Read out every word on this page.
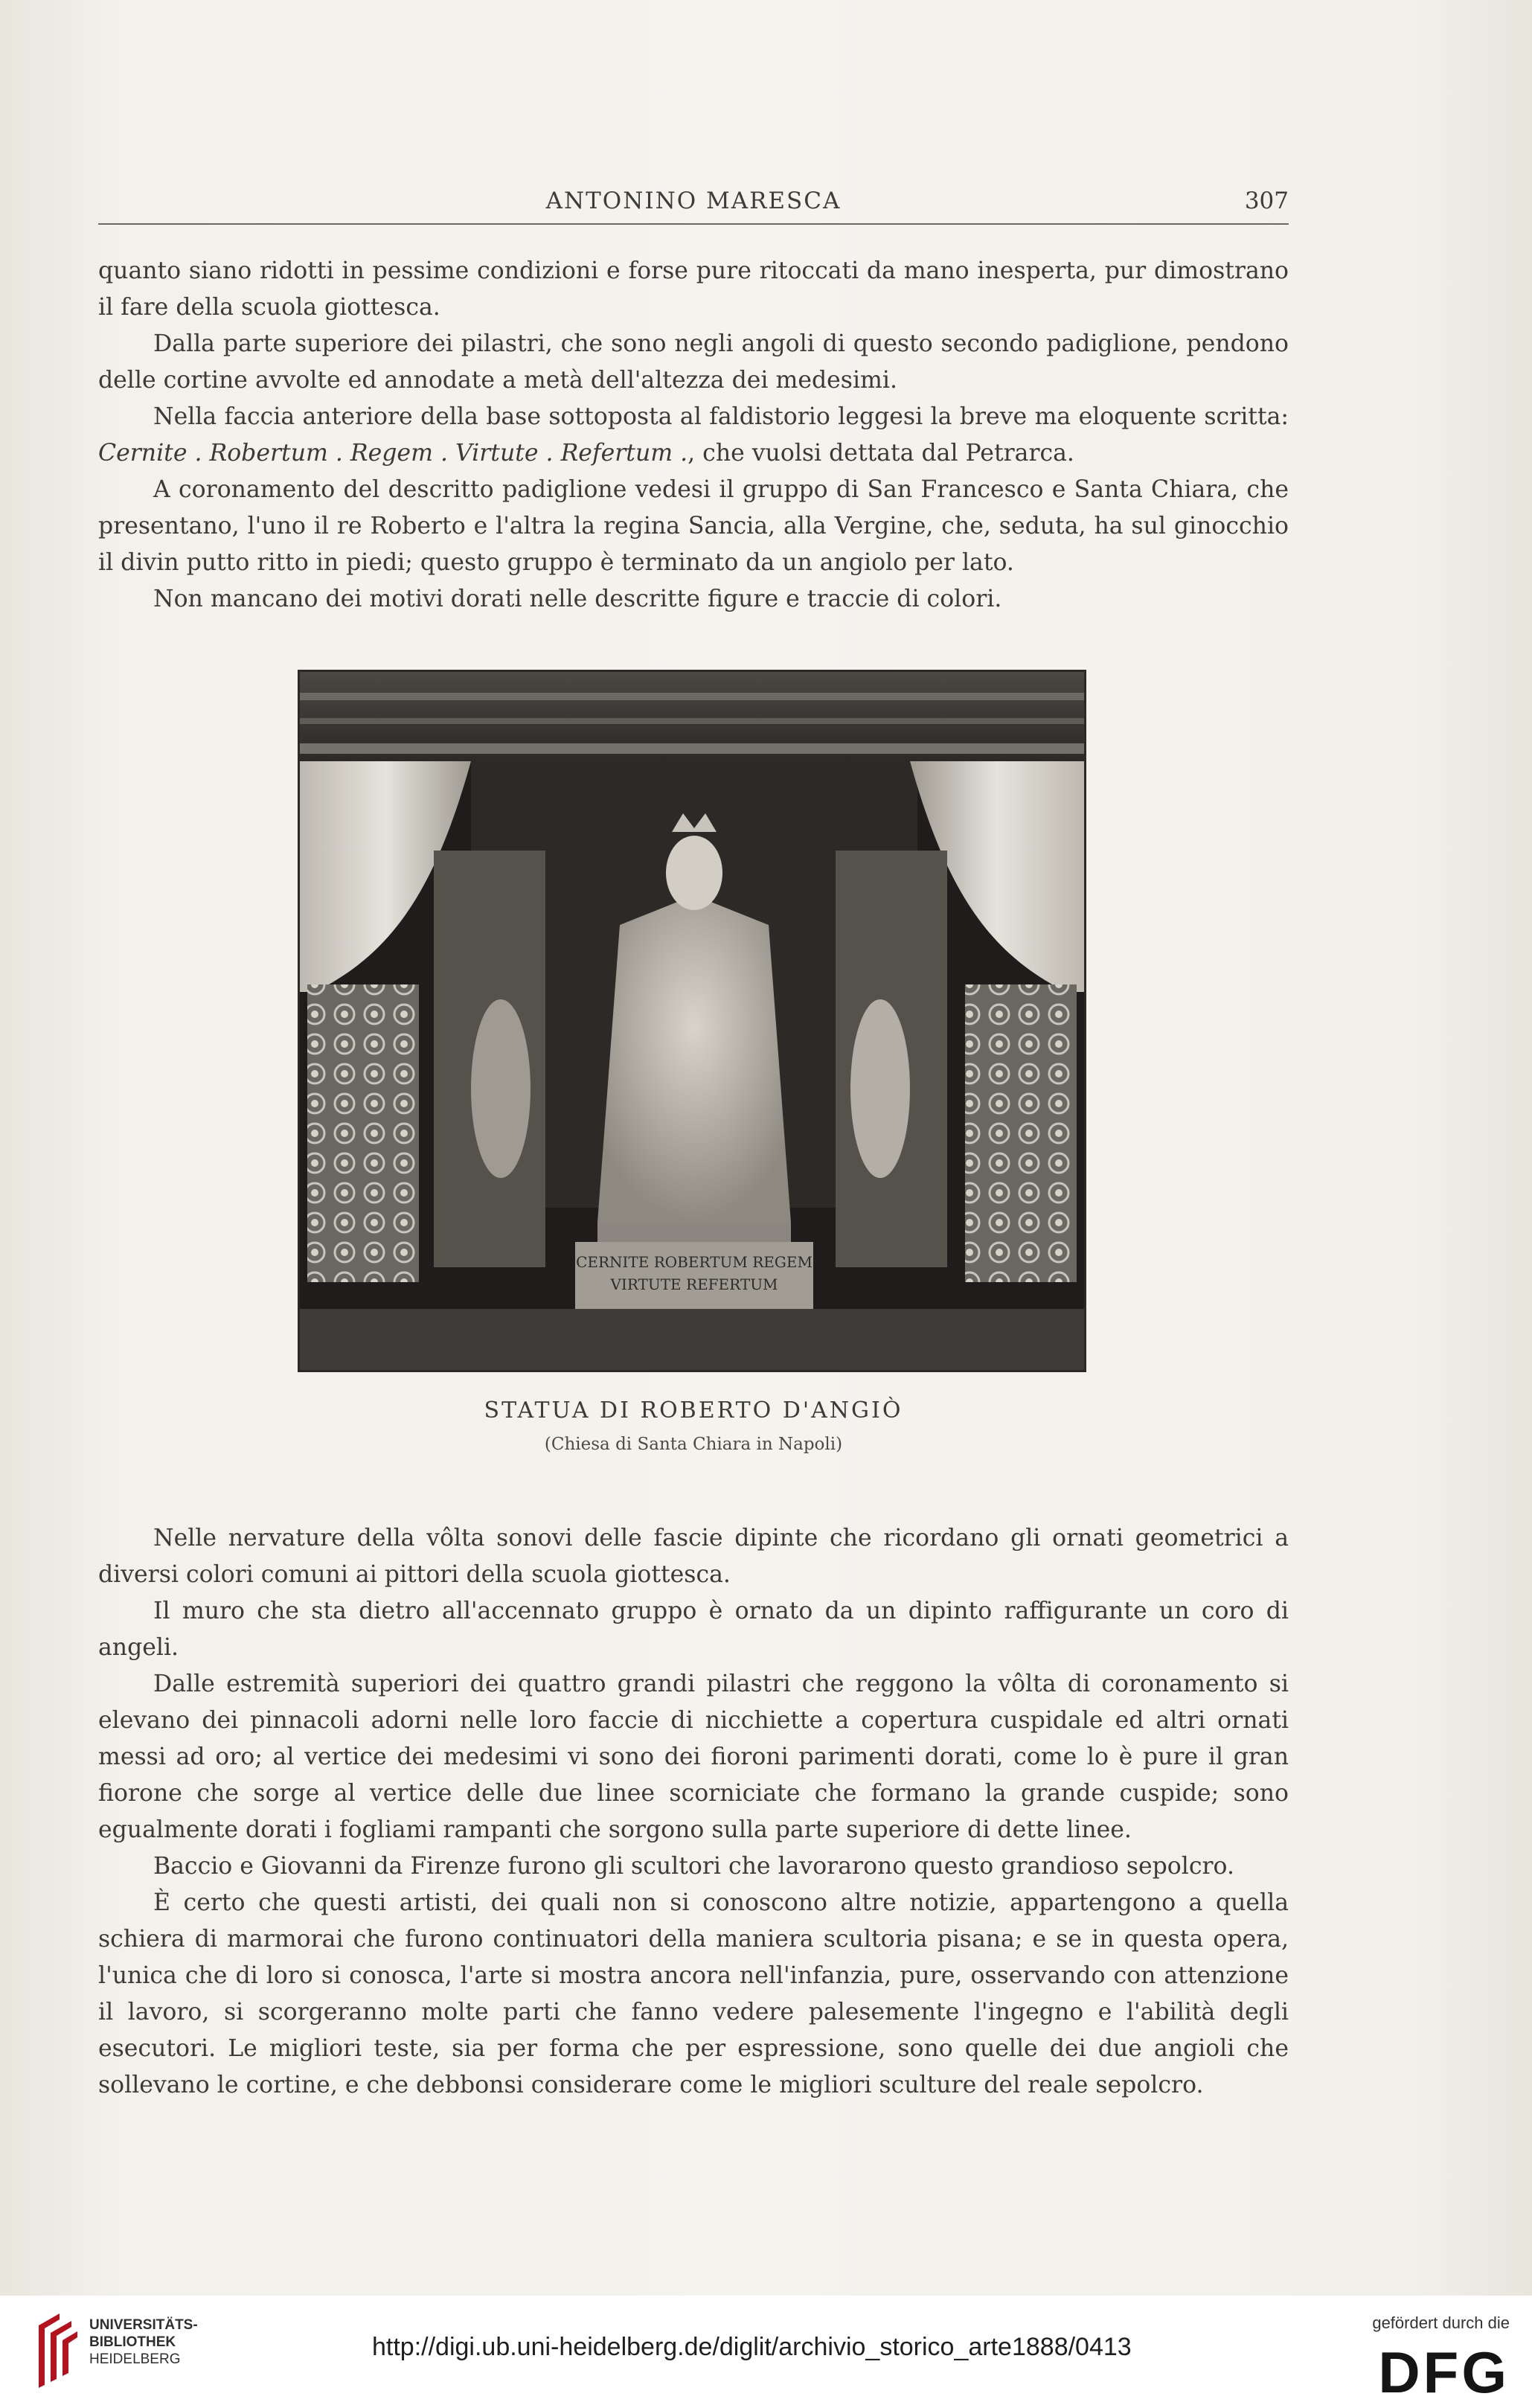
ANTONINO MARESCA	307

quanto siano ridotti in pessime condizioni e forse pure ritoccati da mano inesperta, pur dimostrano il fare della scuola giottesca.

Dalla parte superiore dei pilastri, che sono negli angoli di questo secondo padiglione, pendono delle cortine avvolte ed annodate a metà dell'altezza dei medesimi.

Nella faccia anteriore della base sottoposta al faldistorio leggesi la breve ma eloquente scritta: Cernite . Robertum . Regem . Virtute . Refertum ., che vuolsi dettata dal Petrarca.

A coronamento del descritto padiglione vedesi il gruppo di San Francesco e Santa Chiara, che presentano, l'uno il re Roberto e l'altra la regina Sancia, alla Vergine, che, seduta, ha sul ginocchio il divin putto ritto in piedi; questo gruppo è terminato da un angiolo per lato.

Non mancano dei motivi dorati nelle descritte figure e traccie di colori.

CERNITE ROBERTUM REGEM
VIRTUTE REFERTUM
STATUA DI ROBERTO D'ANGIÒ
(Chiesa di Santa Chiara in Napoli)

Nelle nervature della vôlta sonovi delle fascie dipinte che ricordano gli ornati geometrici a diversi colori comuni ai pittori della scuola giottesca.

Il muro che sta dietro all'accennato gruppo è ornato da un dipinto raffigurante un coro di angeli.

Dalle estremità superiori dei quattro grandi pilastri che reggono la vôlta di coronamento si elevano dei pinnacoli adorni nelle loro faccie di nicchiette a copertura cuspidale ed altri ornati messi ad oro; al vertice dei medesimi vi sono dei fioroni parimenti dorati, come lo è pure il gran fiorone che sorge al vertice delle due linee scorniciate che formano la grande cuspide; sono egualmente dorati i fogliami rampanti che sorgono sulla parte superiore di dette linee.

Baccio e Giovanni da Firenze furono gli scultori che lavorarono questo grandioso sepolcro.

È certo che questi artisti, dei quali non si conoscono altre notizie, appartengono a quella schiera di marmorai che furono continuatori della maniera scultoria pisana; e se in questa opera, l'unica che di loro si conosca, l'arte si mostra ancora nell'infanzia, pure, osservando con attenzione il lavoro, si scorgeranno molte parti che fanno vedere palesemente l'ingegno e l'abilità degli esecutori. Le migliori teste, sia per forma che per espressione, sono quelle dei due angioli che sollevano le cortine, e che debbonsi considerare come le migliori sculture del reale sepolcro.

UNIVERSITÄTS-
BIBLIOTHEK
HEIDELBERG	http://digi.ub.uni-heidelberg.de/diglit/archivio_storico_arte1888/0413
gefördert durch die
DFG
